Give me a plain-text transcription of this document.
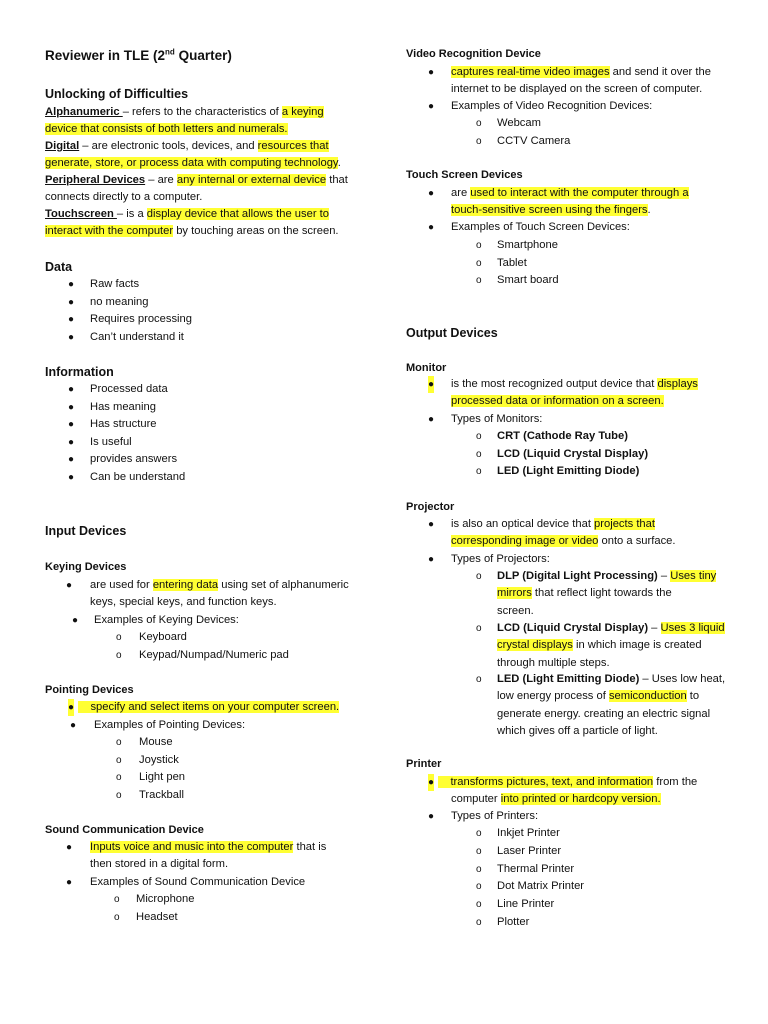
Reviewer in TLE (2nd Quarter)
Unlocking of Difficulties
Alphanumeric – refers to the characteristics of a keying
device that consists of both letters and numerals.
Digital – are electronic tools, devices, and resources that
generate, store, or process data with computing technology.
Peripheral Devices – are any internal or external device that
connects directly to a computer.
Touchscreen – is a display device that allows the user to
interact with the computer by touching areas on the screen.
Data
● Raw facts
● no meaning
● Requires processing
● Can’t understand it
Information
● Processed data
● Has meaning
● Has structure
● Is useful
● provides answers
● Can be understand
Input Devices
Keying Devices
● are used for entering data using set of alphanumeric
keys, special keys, and function keys.
● Examples of Keying Devices:
o Keyboard
o Keypad/Numpad/Numeric pad
Pointing Devices
●	specify and select items on your computer screen.
● Examples of Pointing Devices:
o Mouse
o Joystick
o Light pen
o Trackball
Sound Communication Device
● Inputs voice and music into the computer that is
then stored in a digital form.
● Examples of Sound Communication Device
o Microphone
o Headset
Video Recognition Device
● captures real-time video images and send it over the
internet to be displayed on the screen of computer.
● Examples of Video Recognition Devices:
o Webcam
o CCTV Camera
Touch Screen Devices
● are used to interact with the computer through a
touch-sensitive screen using the fingers.
● Examples of Touch Screen Devices:
o Smartphone
o Tablet
o Smart board
Output Devices
Monitor
● is the most recognized output device that displays
processed data or information on a screen.
● Types of Monitors:
o CRT (Cathode Ray Tube)
o LCD (Liquid Crystal Display)
o LED (Light Emitting Diode)
Projector
● is also an optical device that projects that
corresponding image or video onto a surface.
● Types of Projectors:
o DLP (Digital Light Processing) – Uses tiny
mirrors that reflect light towards the
screen.
o LCD (Liquid Crystal Display) – Uses 3 liquid
crystal displays in which image is created
through multiple steps.
o LED (Light Emitting Diode) – Uses low heat,
low energy process of semiconduction to
generate energy. creating an electric signal
which gives off a particle of light.
Printer
●	transforms pictures, text, and information from the
computer into printed or hardcopy version.
● Types of Printers:
o Inkjet Printer
o Laser Printer
o Thermal Printer
o Dot Matrix Printer
o Line Printer
o Plotter
